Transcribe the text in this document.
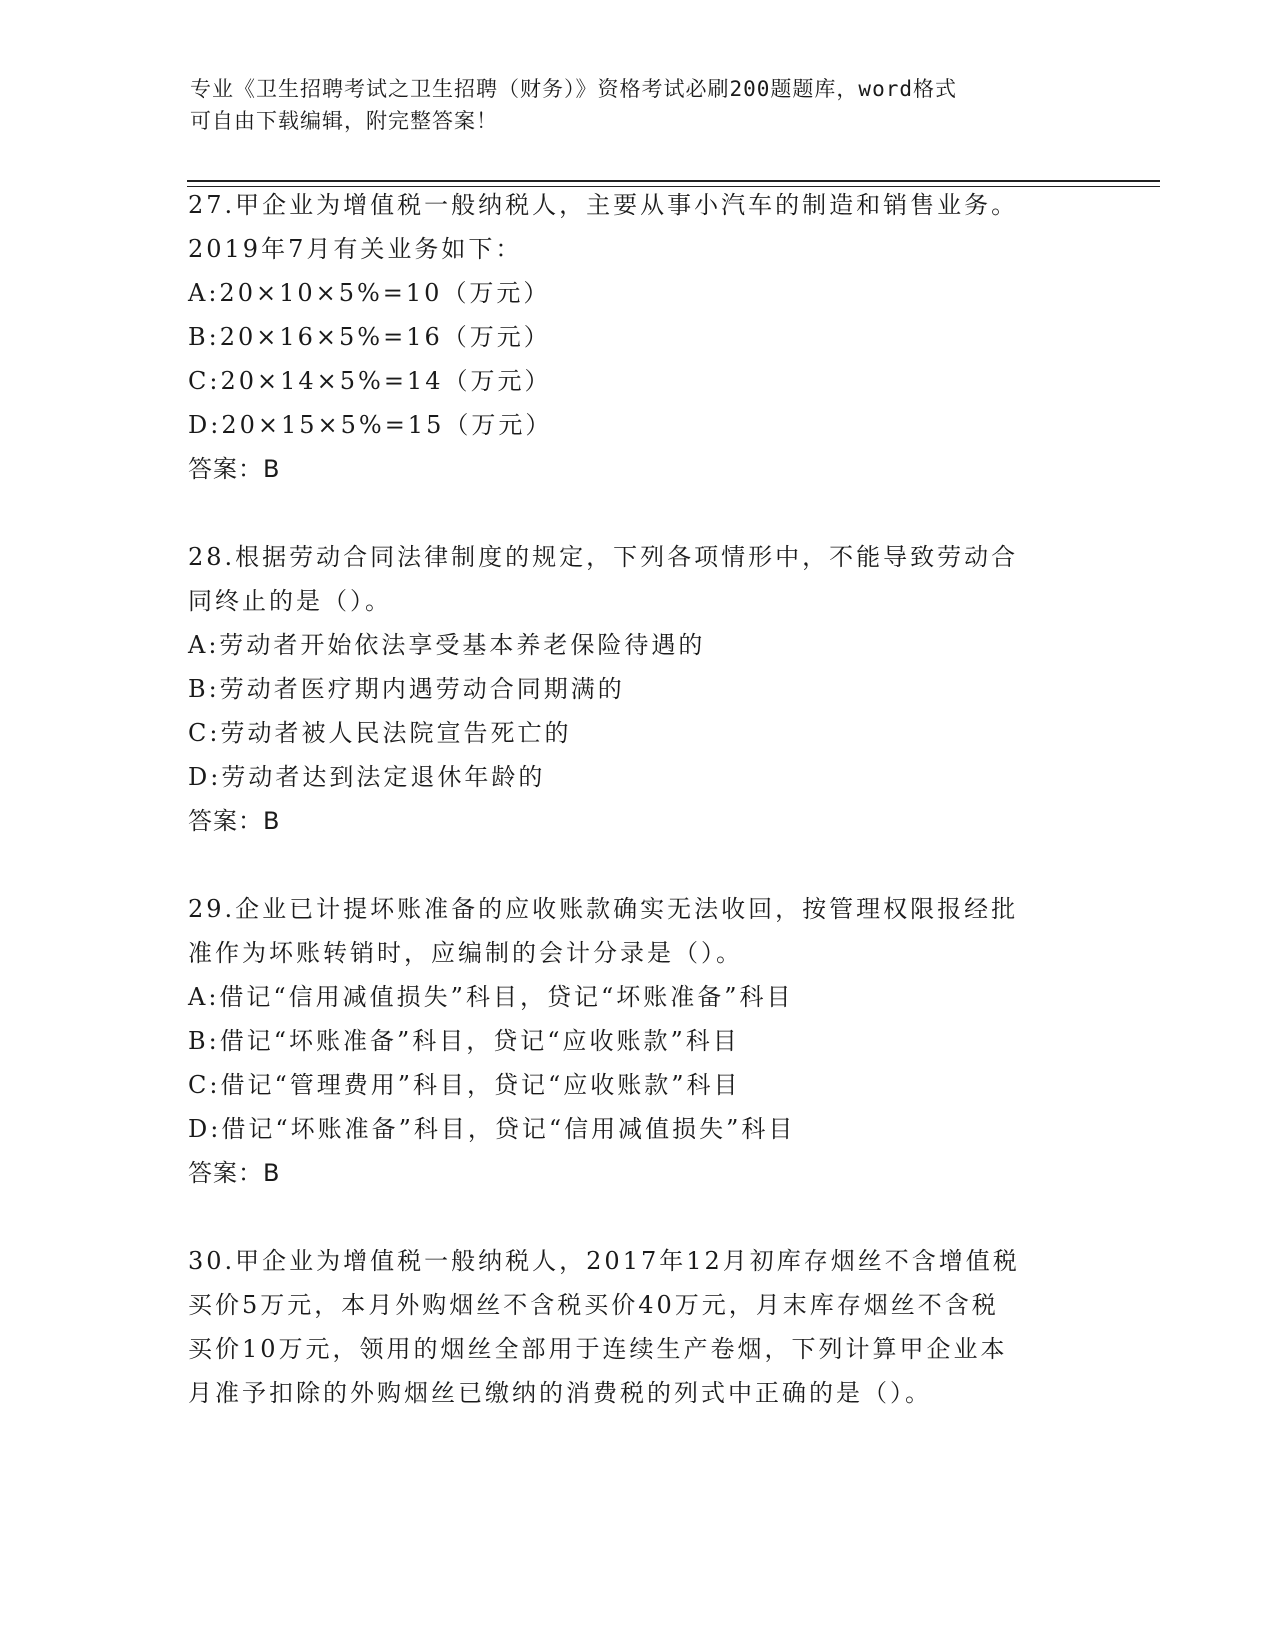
专业《卫生招聘考试之卫生招聘（财务）》资格考试必刷200题题库，word格式
可自由下载编辑，附完整答案！
27.甲企业为增值税一般纳税人，主要从事小汽车的制造和销售业务。
2019年7月有关业务如下：
A:20×10×5%=10（万元）
B:20×16×5%=16（万元）
C:20×14×5%=14（万元）
D:20×15×5%=15（万元）
答案：B
28.根据劳动合同法律制度的规定，下列各项情形中，不能导致劳动合
同终止的是（）。
A:劳动者开始依法享受基本养老保险待遇的
B:劳动者医疗期内遇劳动合同期满的
C:劳动者被人民法院宣告死亡的
D:劳动者达到法定退休年龄的
答案：B
29.企业已计提坏账准备的应收账款确实无法收回，按管理权限报经批
准作为坏账转销时，应编制的会计分录是（）。
A:借记“信用减值损失”科目，贷记“坏账准备”科目
B:借记“坏账准备”科目，贷记“应收账款”科目
C:借记“管理费用”科目，贷记“应收账款”科目
D:借记“坏账准备”科目，贷记“信用减值损失”科目
答案：B
30.甲企业为增值税一般纳税人，2017年12月初库存烟丝不含增值税
买价5万元，本月外购烟丝不含税买价40万元，月末库存烟丝不含税
买价10万元，领用的烟丝全部用于连续生产卷烟，下列计算甲企业本
月准予扣除的外购烟丝已缴纳的消费税的列式中正确的是（）。
